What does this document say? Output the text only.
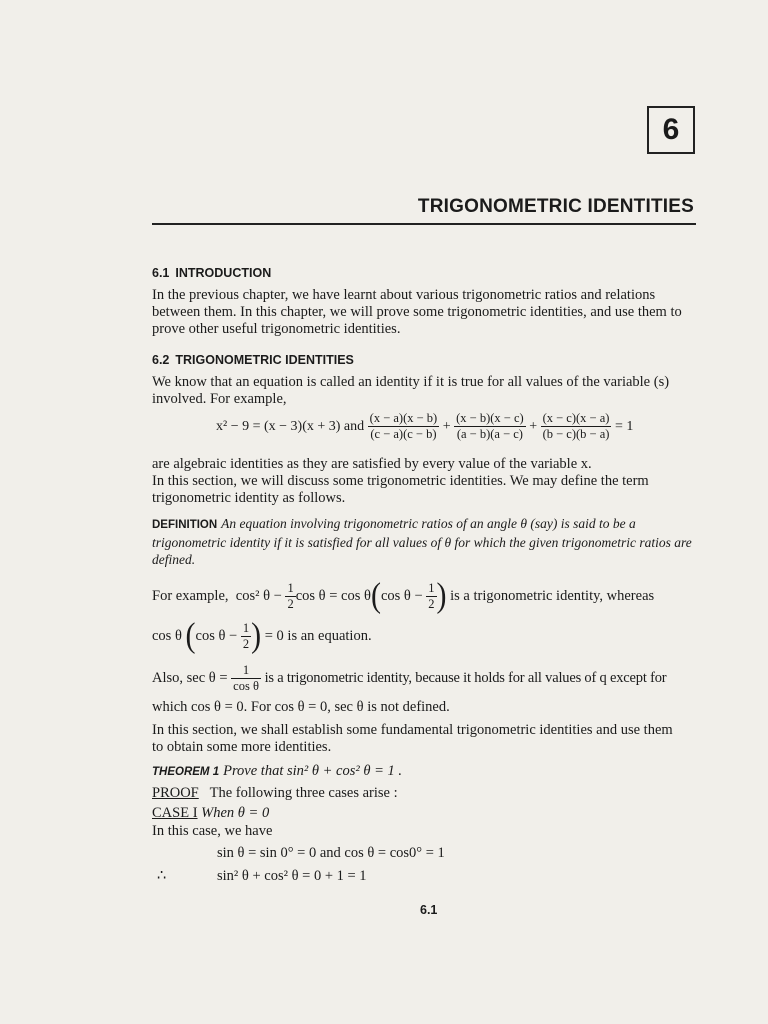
6
TRIGONOMETRIC IDENTITIES
6.1 INTRODUCTION
In the previous chapter, we have learnt about various trigonometric ratios and relations
between them. In this chapter, we will prove some trigonometric identities, and use them to
prove other useful trigonometric identities.
6.2 TRIGONOMETRIC IDENTITIES
We know that an equation is called an identity if it is true for all values of the variable (s)
involved. For example,
x² − 9 = (x − 3)(x + 3) and $\frac{(x - a)(x - b)}{(c - a)(c - b)} + \frac{(x - b)(x - c)}{(a - b)(a - c)} + \frac{(x - c)(x - a)}{(b - c)(b - a)} = 1$
are algebraic identities as they are satisfied by every value of the variable x.
In this section, we will discuss some trigonometric identities. We may define the term
trigonometric identity as follows.
DEFINITION An equation involving trigonometric ratios of an angle θ (say) is said to be a
trigonometric identity if it is satisfied for all values of θ for which the given trigonometric ratios are
defined.
For example,
cos² θ −
$\frac{1}{2}$ cos θ = cos θ ( cos θ −
$\frac{1}{2}$ )
is a trigonometric identity, whereas
cos θ
( cos θ −
$\frac{1}{2}$ )
= 0 is an equation.
Also, sec θ =
$\frac{1}{\text{cos θ}}$
is a trigonometric identity, because it holds for all values of q except for
which cos θ = 0. For cos θ = 0, sec θ is not defined.
In this section, we shall establish some fundamental trigonometric identities and use them
to obtain some more identities.
THEOREM 1 Prove that sin² θ + cos² θ = 1 .
PROOF The following three cases arise :
CASE I When θ = 0
In this case, we have
sin θ = sin 0° = 0 and cos θ = cos0° = 1
∴	sin² θ + cos² θ = 0 + 1 = 1
6.1
